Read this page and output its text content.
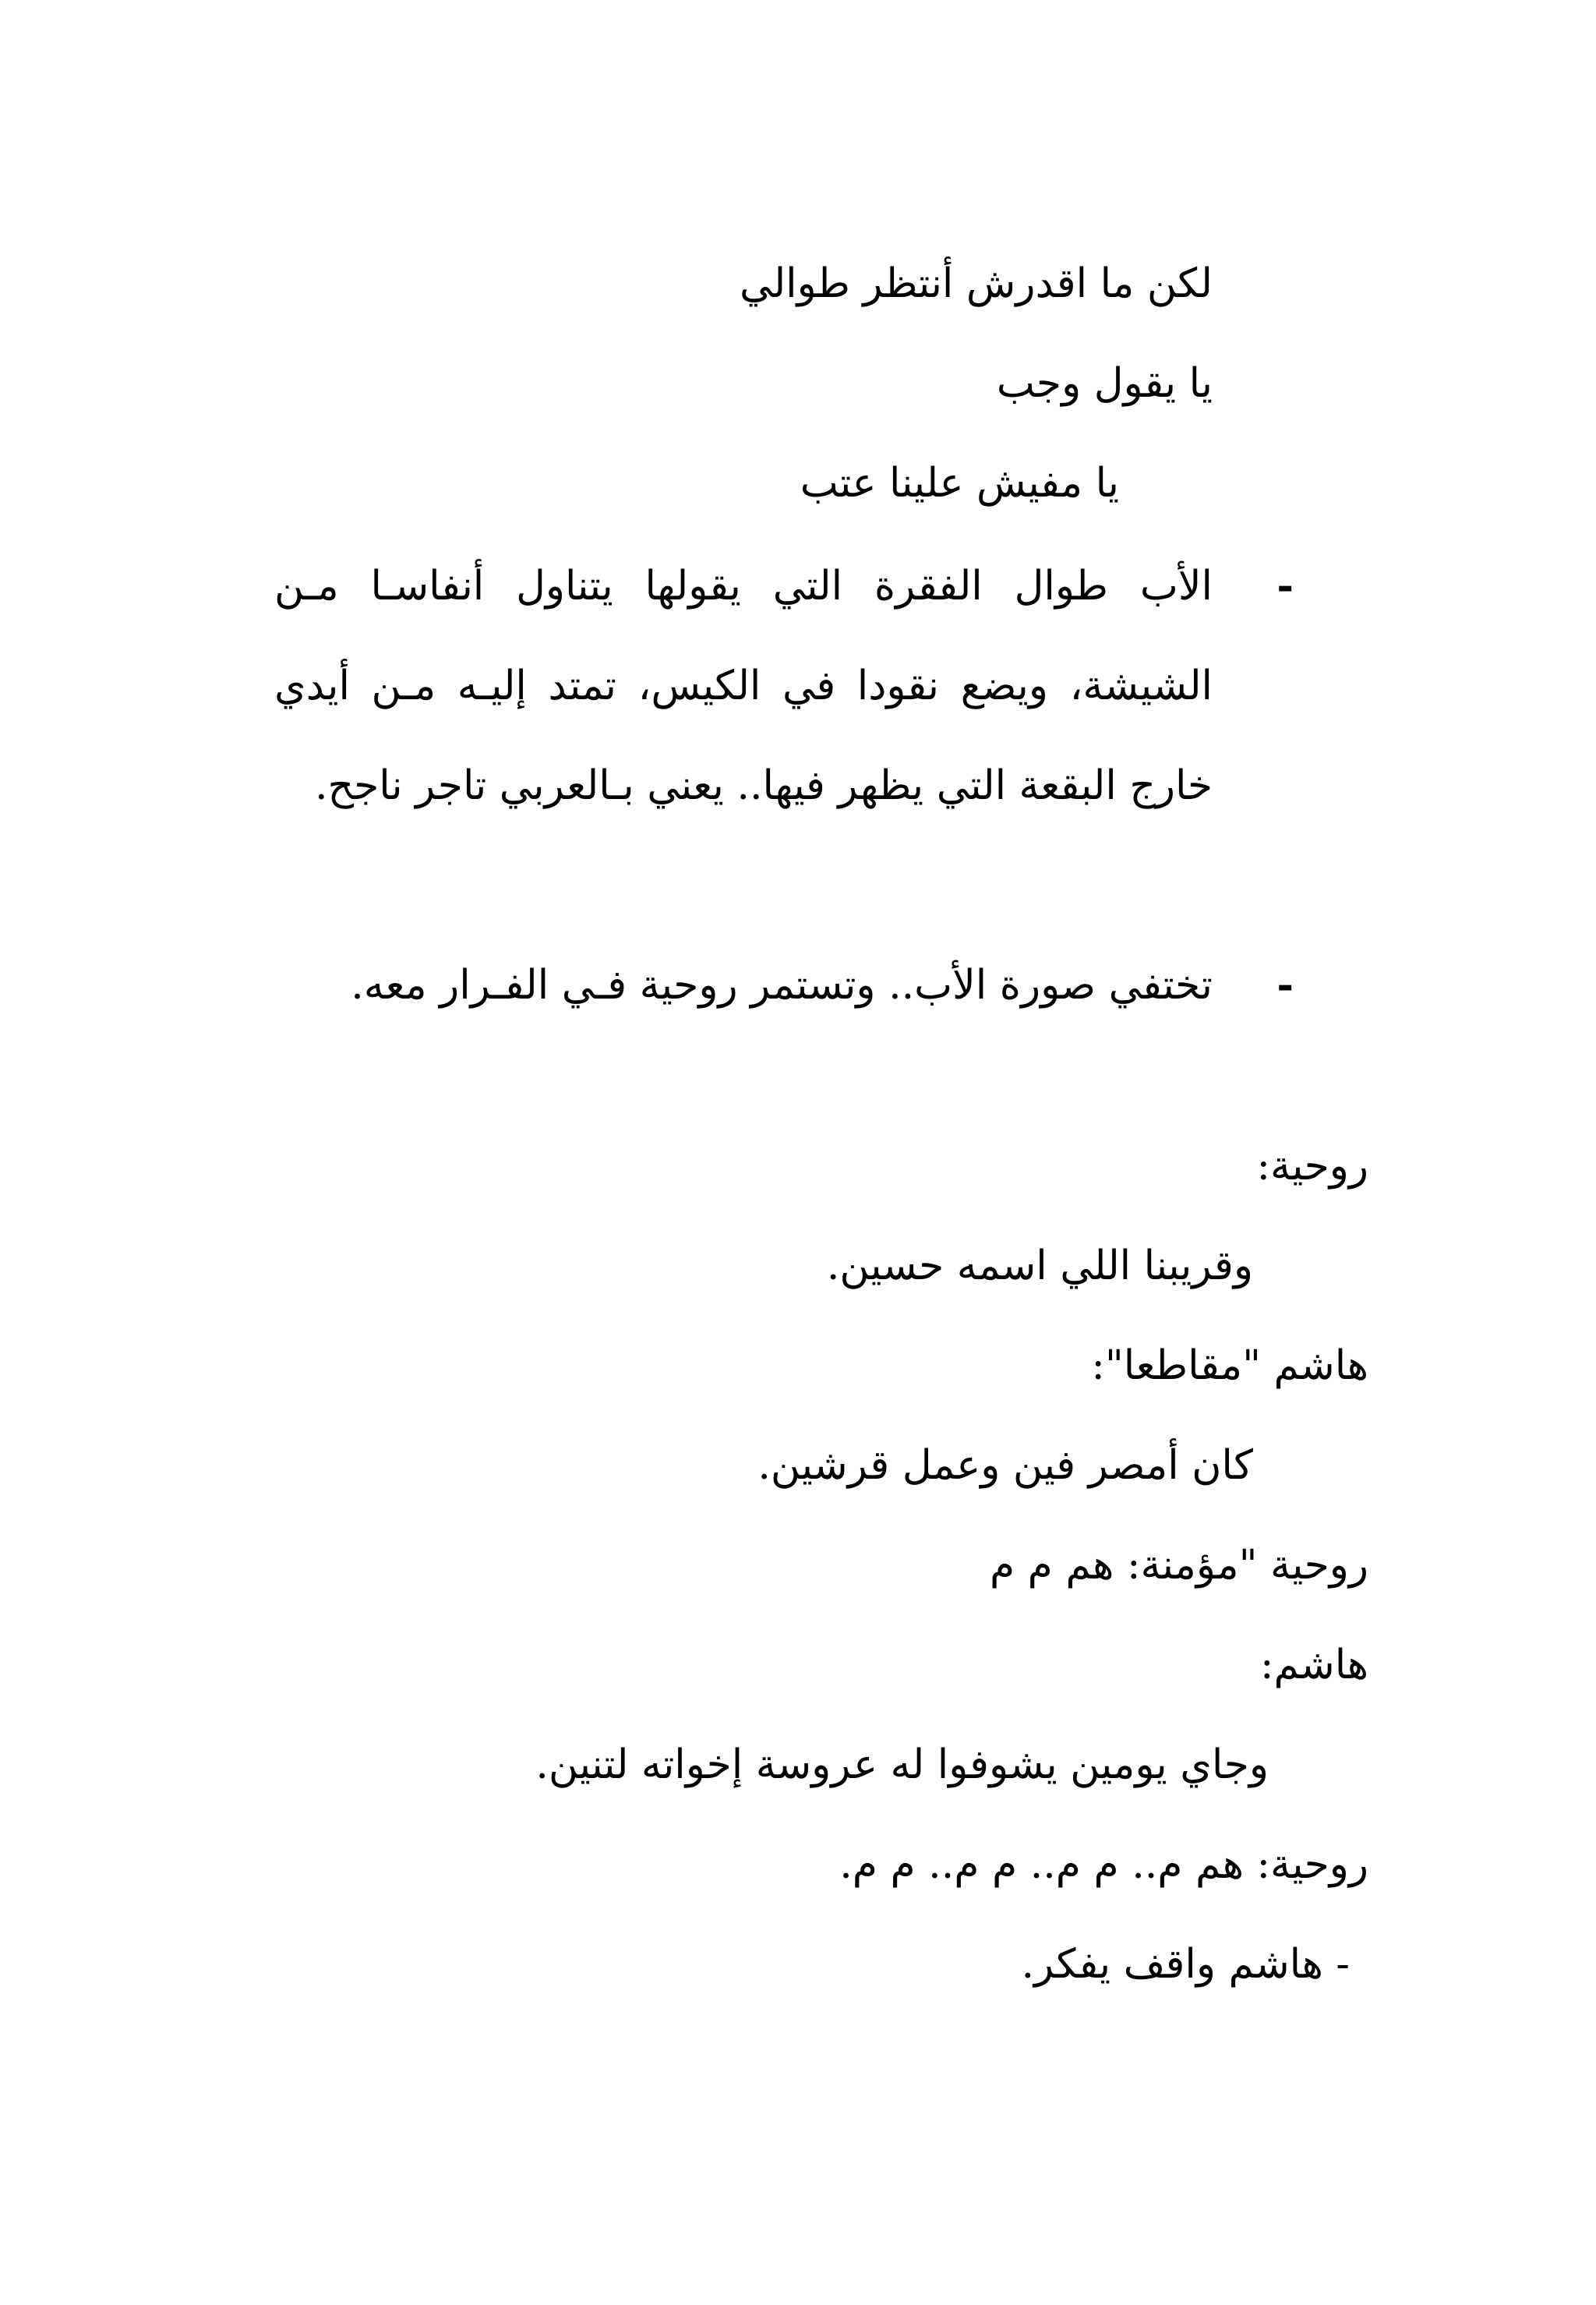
لكن ما اقدرش أنتظر طوالي

يا يقول وجب

يا مفيش علينا عتب

-

الأب طوال الفقرة التي يقولها يتناول أنفاسـا مـن الشيشة، ويضع نقودا في الكيس، تمتد إليـه مـن أيدي خارج البقعة التي يظهر فيها.. يعني بـالعربي تاجر ناجح.

-

تختفي صورة الأب.. وتستمر روحية فـي الفـرار معه.

روحية:

وقريبنا اللي اسمه حسين.

هاشم "مقاطعا":

كان أمصر فين وعمل قرشين.

روحية "مؤمنة: هم م م

هاشم:

وجاي يومين يشوفوا له عروسة إخواته لتنين.

روحية: هم م.. م م.. م م.. م م.

- هاشم واقف يفكر.
